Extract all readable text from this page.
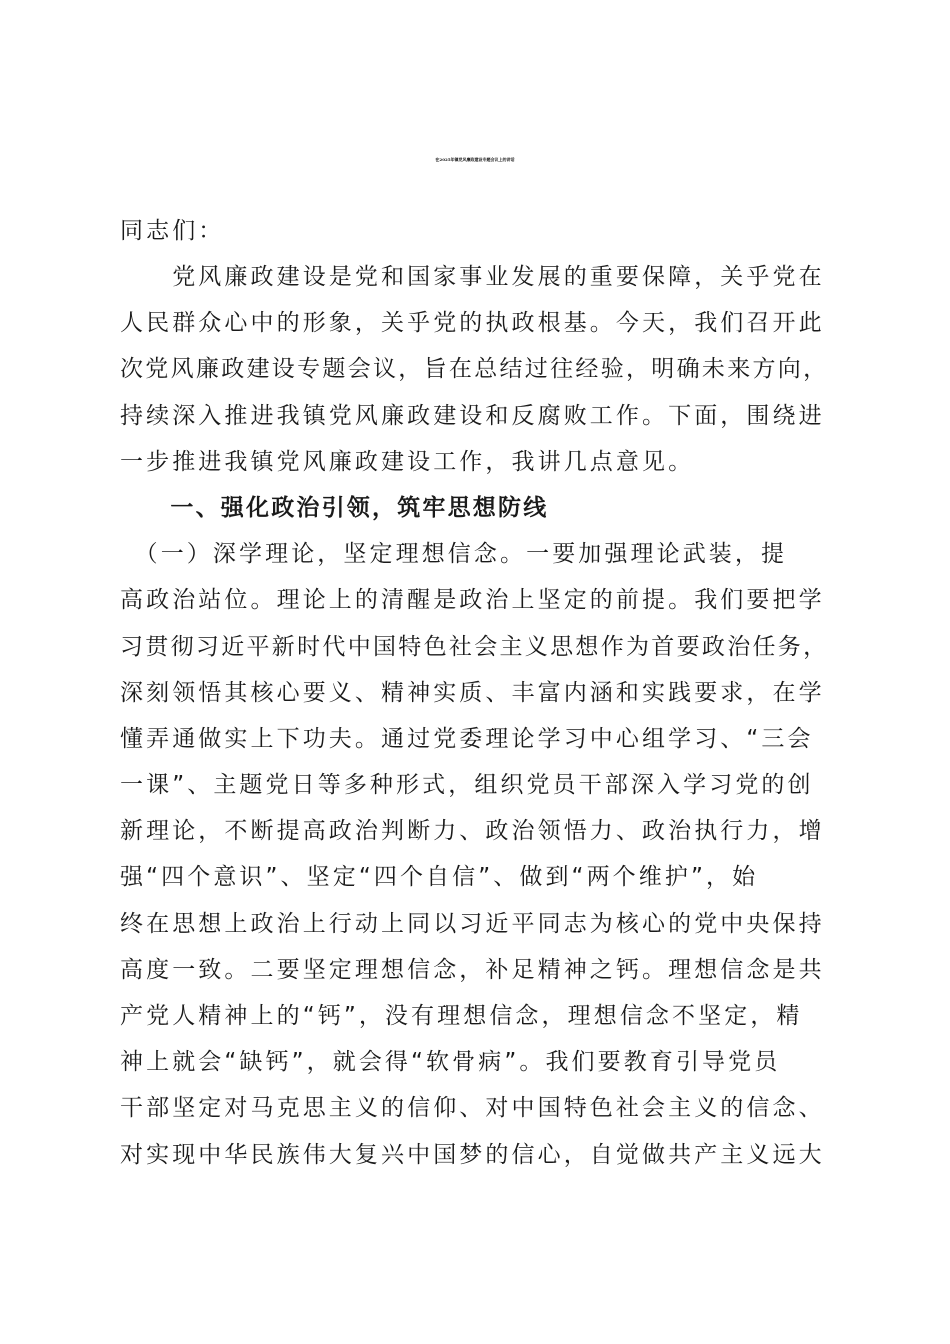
在2025年镇党风廉政建设专题会议上的讲话
同志们：
　　党风廉政建设是党和国家事业发展的重要保障，关乎党在
人民群众心中的形象，关乎党的执政根基。今天，我们召开此
次党风廉政建设专题会议，旨在总结过往经验，明确未来方向，
持续深入推进我镇党风廉政建设和反腐败工作。下面，围绕进
一步推进我镇党风廉政建设工作，我讲几点意见。
　　一、强化政治引领，筑牢思想防线
　（一）深学理论，坚定理想信念。一要加强理论武装，提
高政治站位。理论上的清醒是政治上坚定的前提。我们要把学
习贯彻习近平新时代中国特色社会主义思想作为首要政治任务，
深刻领悟其核心要义、精神实质、丰富内涵和实践要求，在学
懂弄通做实上下功夫。通过党委理论学习中心组学习、“三会
一课”、主题党日等多种形式，组织党员干部深入学习党的创
新理论，不断提高政治判断力、政治领悟力、政治执行力，增
强“四个意识”、坚定“四个自信”、做到“两个维护”，始
终在思想上政治上行动上同以习近平同志为核心的党中央保持
高度一致。二要坚定理想信念，补足精神之钙。理想信念是共
产党人精神上的“钙”，没有理想信念，理想信念不坚定，精
神上就会“缺钙”，就会得“软骨病”。我们要教育引导党员
干部坚定对马克思主义的信仰、对中国特色社会主义的信念、
对实现中华民族伟大复兴中国梦的信心，自觉做共产主义远大
